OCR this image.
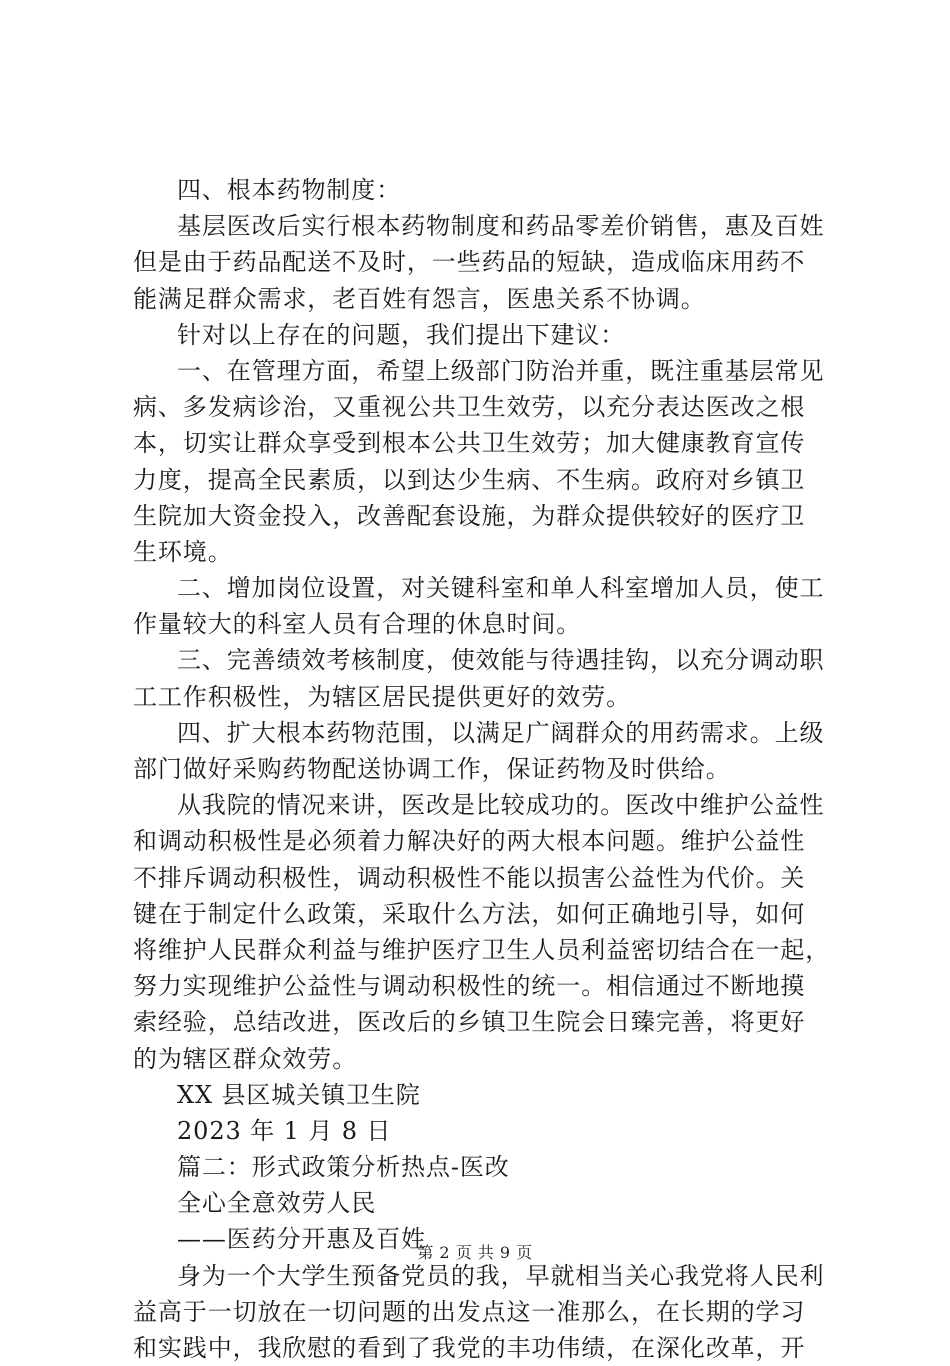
四、根本药物制度：
基层医改后实行根本药物制度和药品零差价销售，惠及百姓
但是由于药品配送不及时，一些药品的短缺，造成临床用药不
能满足群众需求，老百姓有怨言，医患关系不协调。
针对以上存在的问题，我们提出下建议：
一、在管理方面，希望上级部门防治并重，既注重基层常见
病、多发病诊治，又重视公共卫生效劳，以充分表达医改之根
本，切实让群众享受到根本公共卫生效劳；加大健康教育宣传
力度，提高全民素质，以到达少生病、不生病。政府对乡镇卫
生院加大资金投入，改善配套设施，为群众提供较好的医疗卫
生环境。
二、增加岗位设置，对关键科室和单人科室增加人员，使工
作量较大的科室人员有合理的休息时间。
三、完善绩效考核制度，使效能与待遇挂钩，以充分调动职
工工作积极性，为辖区居民提供更好的效劳。
四、扩大根本药物范围，以满足广阔群众的用药需求。上级
部门做好采购药物配送协调工作，保证药物及时供给。
从我院的情况来讲，医改是比较成功的。医改中维护公益性
和调动积极性是必须着力解决好的两大根本问题。维护公益性
不排斥调动积极性，调动积极性不能以损害公益性为代价。关
键在于制定什么政策，采取什么方法，如何正确地引导，如何
将维护人民群众利益与维护医疗卫生人员利益密切结合在一起，
努力实现维护公益性与调动积极性的统一。相信通过不断地摸
索经验，总结改进，医改后的乡镇卫生院会日臻完善，将更好
的为辖区群众效劳。
XX 县区城关镇卫生院
2023 年 1 月 8 日
篇二：形式政策分析热点-医改
全心全意效劳人民
——医药分开惠及百姓
身为一个大学生预备党员的我，早就相当关心我党将人民利
益高于一切放在一切问题的出发点这一准那么，在长期的学习
和实践中，我欣慰的看到了我党的丰功伟绩，在深化改革，开
第 2 页 共 9 页
